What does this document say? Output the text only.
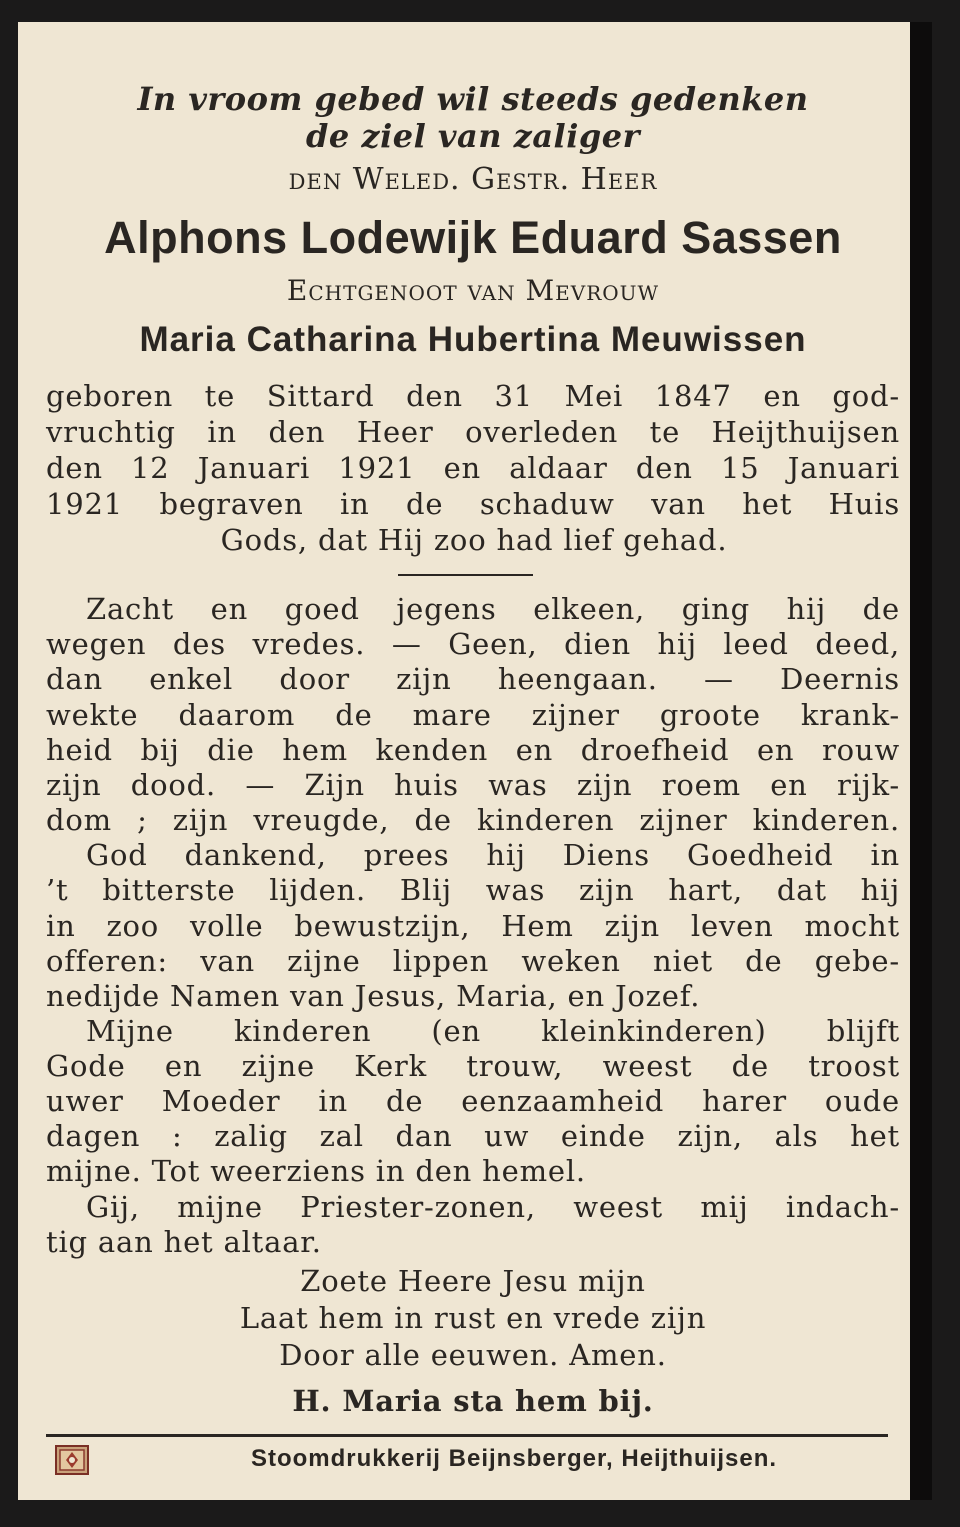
In vroom gebed wil steeds gedenken
de ziel van zaliger
den Weled. Gestr. Heer
Alphons Lodewijk Eduard Sassen
Echtgenoot van Mevrouw
Maria Catharina Hubertina Meuwissen
geboren te Sittard den 31 Mei 1847 en god-
vruchtig in den Heer overleden te Heijthuijsen
den 12 Januari 1921 en aldaar den 15 Januari
1921 begraven in de schaduw van het Huis
Gods, dat Hij zoo had lief gehad.
Zacht en goed jegens elkeen, ging hij de
wegen des vredes. — Geen, dien hij leed deed,
dan enkel door zijn heengaan. — Deernis
wekte daarom de mare zijner groote krank-
heid bij die hem kenden en droefheid en rouw
zijn dood. — Zijn huis was zijn roem en rijk-
dom ; zijn vreugde, de kinderen zijner kinderen.
God dankend, prees hij Diens Goedheid in
’t bitterste lijden. Blij was zijn hart, dat hij
in zoo volle bewustzijn, Hem zijn leven mocht
offeren: van zijne lippen weken niet de gebe-
nedijde Namen van Jesus, Maria, en Jozef.
Mijne kinderen (en kleinkinderen) blijft
Gode en zijne Kerk trouw, weest de troost
uwer Moeder in de eenzaamheid harer oude
dagen : zalig zal dan uw einde zijn, als het
mijne. Tot weerziens in den hemel.
Gij, mijne Priester-zonen, weest mij indach-
tig aan het altaar.
Zoete Heere Jesu mijn
Laat hem in rust en vrede zijn
Door alle eeuwen. Amen.
H. Maria sta hem bij.
Stoomdrukkerij Beijnsberger, Heijthuijsen.
